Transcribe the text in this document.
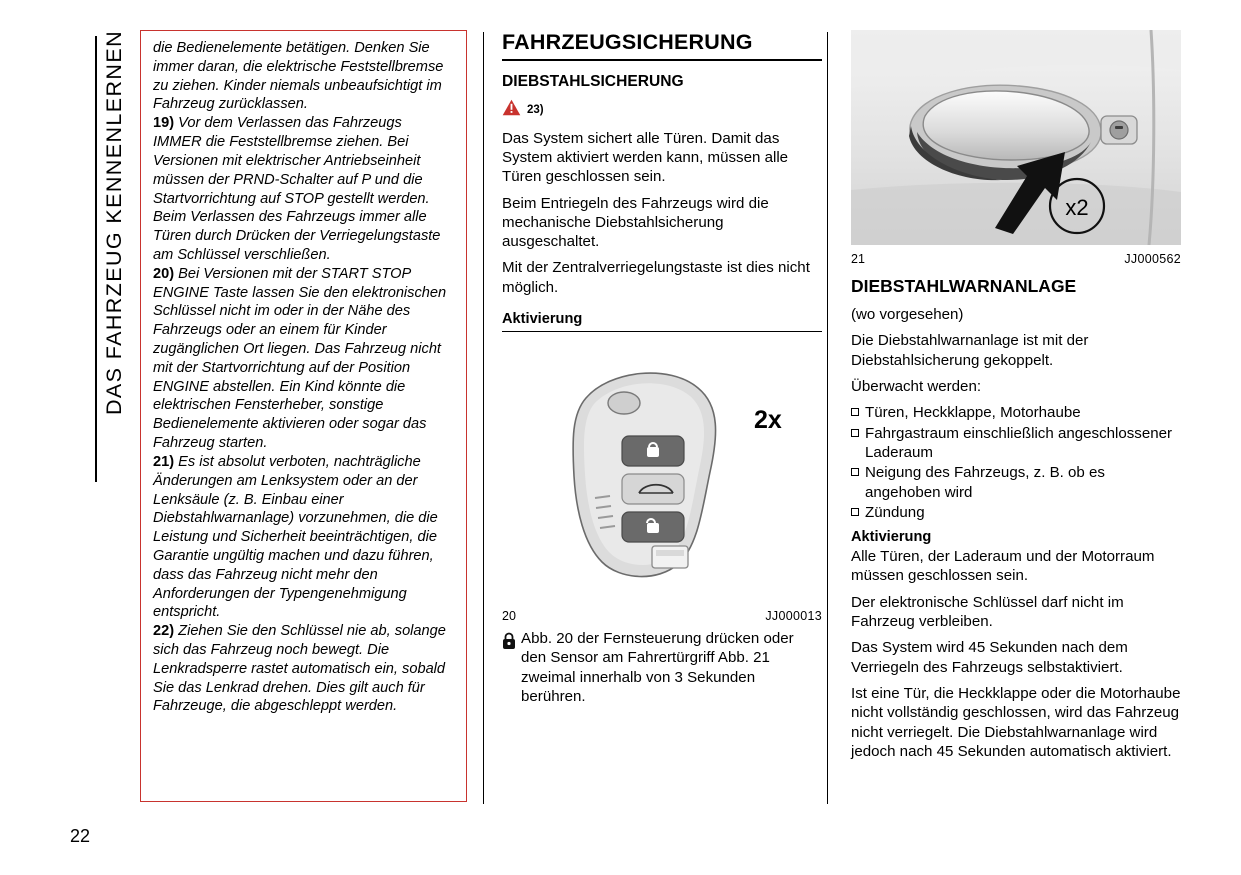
DAS FAHRZEUG KENNENLERNEN die Bedienelemente betätigen. Denken Sie immer daran, die elektrische Feststellbremse zu ziehen. Kinder niemals unbeaufsichtigt im Fahrzeug zurücklassen.

19) Vor dem Verlassen das Fahrzeugs IMMER die Feststellbremse ziehen. Bei Versionen mit elektrischer Antriebseinheit müssen der PRND-Schalter auf P und die Startvorrichtung auf STOP gestellt werden. Beim Verlassen des Fahrzeugs immer alle Türen durch Drücken der Verriegelungstaste am Schlüssel verschließen.

20) Bei Versionen mit der START STOP ENGINE Taste lassen Sie den elektronischen Schlüssel nicht im oder in der Nähe des Fahrzeugs oder an einem für Kinder zugänglichen Ort liegen. Das Fahrzeug nicht mit der Startvorrichtung auf der Position ENGINE abstellen. Ein Kind könnte die elektrischen Fensterheber, sonstige Bedienelemente aktivieren oder sogar das Fahrzeug starten.

21) Es ist absolut verboten, nachträgliche Änderungen am Lenksystem oder an der Lenksäule (z. B. Einbau einer Diebstahlwarnanlage) vorzunehmen, die die Leistung und Sicherheit beeinträchtigen, die Garantie ungültig machen und dazu führen, dass das Fahrzeug nicht mehr den Anforderungen der Typengenehmigung entspricht.

22) Ziehen Sie den Schlüssel nie ab, solange sich das Fahrzeug noch bewegt. Die Lenkradsperre rastet automatisch ein, sobald Sie das Lenkrad drehen. Dies gilt auch für Fahrzeuge, die abgeschleppt werden.

FAHRZEUGSICHERUNG
DIEBSTAHLSICHERUNG
23)

Das System sichert alle Türen. Damit das System aktiviert werden kann, müssen alle Türen geschlossen sein.

Beim Entriegeln des Fahrzeugs wird die mechanische Diebstahlsicherung ausgeschaltet.

Mit der Zentralverriegelungstaste ist dies nicht möglich.

Aktivierung
2x
20	JJ000013

Abb. 20 der Fernsteuerung drücken oder den Sensor am Fahrertürgriff Abb. 21 zweimal innerhalb von 3 Sekunden berühren.

x2
21	JJ000562
DIEBSTAHLWARNANLAGE

(wo vorgesehen)

Die Diebstahlwarnanlage ist mit der Diebstahlsicherung gekoppelt.

Überwacht werden:

Türen, Heckklappe, Motorhaube
Fahrgastraum einschließlich angeschlossener Laderaum
Neigung des Fahrzeugs, z. B. ob es angehoben wird
Zündung
Aktivierung

Alle Türen, der Laderaum und der Motorraum müssen geschlossen sein.

Der elektronische Schlüssel darf nicht im Fahrzeug verbleiben.

Das System wird 45 Sekunden nach dem Verriegeln des Fahrzeugs selbstaktiviert.

Ist eine Tür, die Heckklappe oder die Motorhaube nicht vollständig geschlossen, wird das Fahrzeug nicht verriegelt. Die Diebstahlwarnanlage wird jedoch nach 45 Sekunden automatisch aktiviert.

22
